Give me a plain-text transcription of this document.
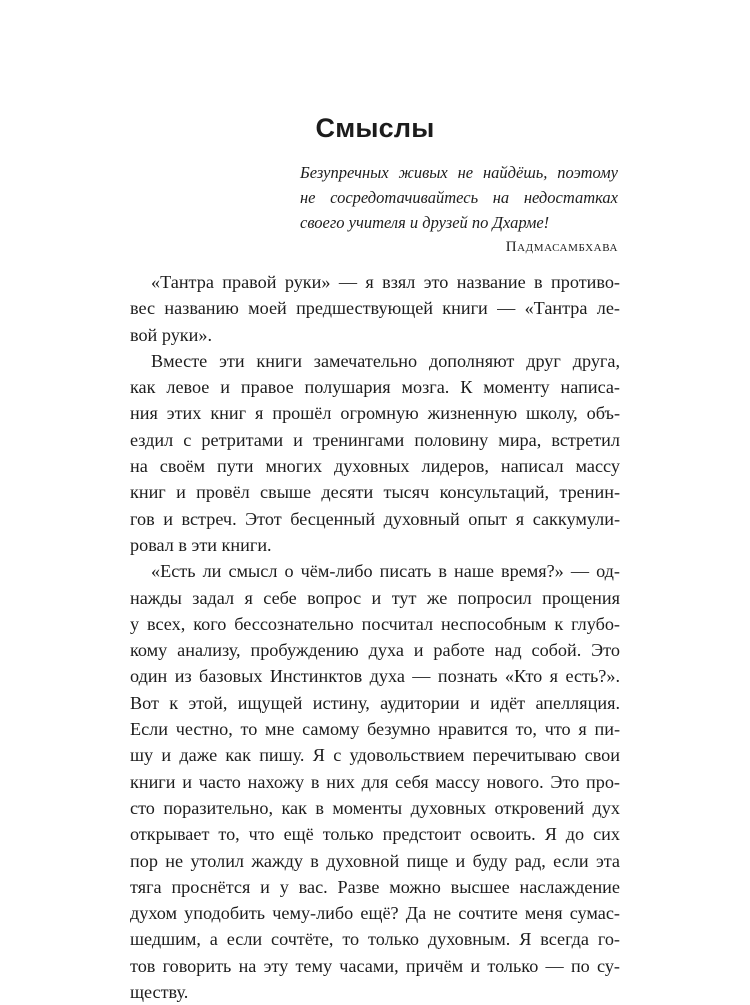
Смыслы
Безупречных живых не найдёшь, поэтому
не сосредотачивайтесь на недостатках
своего учителя и друзей по Дхарме!
Падмасамбхава
«Тантра правой руки» — я взял это название в противо-
вес названию моей предшествующей книги — «Тантра ле-
вой руки».
Вместе эти книги замечательно дополняют друг друга,
как левое и правое полушария мозга. К моменту написа-
ния этих книг я прошёл огромную жизненную школу, объ-
ездил с ретритами и тренингами половину мира, встретил
на своём пути многих духовных лидеров, написал массу
книг и провёл свыше десяти тысяч консультаций, тренин-
гов и встреч. Этот бесценный духовный опыт я саккумули-
ровал в эти книги.
«Есть ли смысл о чём-либо писать в наше время?» — од-
нажды задал я себе вопрос и тут же попросил прощения
у всех, кого бессознательно посчитал неспособным к глубо-
кому анализу, пробуждению духа и работе над собой. Это
один из базовых Инстинктов духа — познать «Кто я есть?».
Вот к этой, ищущей истину, аудитории и идёт апелляция.
Если честно, то мне самому безумно нравится то, что я пи-
шу и даже как пишу. Я с удовольствием перечитываю свои
книги и часто нахожу в них для себя массу нового. Это про-
сто поразительно, как в моменты духовных откровений дух
открывает то, что ещё только предстоит освоить. Я до сих
пор не утолил жажду в духовной пище и буду рад, если эта
тяга проснётся и у вас. Разве можно высшее наслаждение
духом уподобить чему-либо ещё? Да не сочтите меня сумас-
шедшим, а если сочтёте, то только духовным. Я всегда го-
тов говорить на эту тему часами, причём и только — по су-
ществу.
